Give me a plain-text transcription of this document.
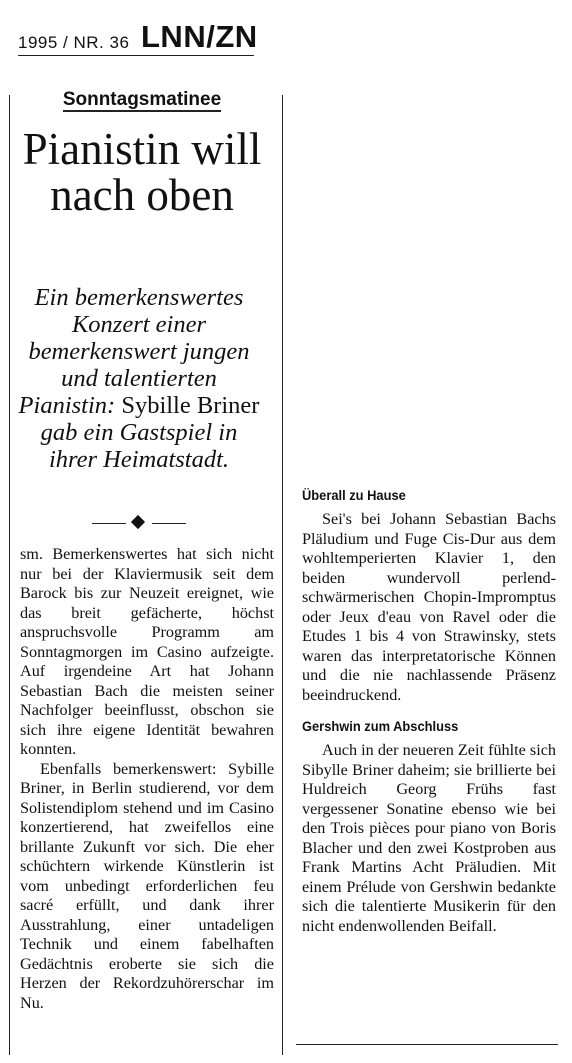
1995 / NR. 36 LNN/ZN
Sonntagsmatinee
Pianistin will nach oben
Ein bemerkenswertes Konzert einer bemerkenswert jungen und talentierten Pianistin: Sybille Briner gab ein Gastspiel in ihrer Heimatstadt.

sm. Bemerkenswertes hat sich nicht nur bei der Klaviermusik seit dem Barock bis zur Neuzeit ereignet, wie das breit gefächerte, höchst anspruchsvolle Programm am Sonntagmorgen im Casino aufzeigte. Auf irgendeine Art hat Johann Sebastian Bach die meisten seiner Nachfolger beeinflusst, obschon sie sich ihre eigene Identität bewahren konnten.

Ebenfalls bemerkenswert: Sybille Briner, in Berlin studierend, vor dem Solistendiplom stehend und im Casino konzertierend, hat zweifellos eine brillante Zukunft vor sich. Die eher schüchtern wirkende Künstlerin ist vom unbedingt erforderlichen feu sacré erfüllt, und dank ihrer Ausstrahlung, einer untadeligen Technik und einem fabelhaften Gedächtnis eroberte sie sich die Herzen der Rekordzuhörerschar im Nu.

Überall zu Hause

Sei's bei Johann Sebastian Bachs Pläludium und Fuge Cis-Dur aus dem wohltemperierten Klavier 1, den beiden wundervoll perlend-schwärmerischen Chopin-Impromptus oder Jeux d'eau von Ravel oder die Etudes 1 bis 4 von Strawinsky, stets waren das interpretatorische Können und die nie nachlassende Präsenz beeindruckend.

Gershwin zum Abschluss

Auch in der neueren Zeit fühlte sich Sibylle Briner daheim; sie brillierte bei Huldreich Georg Frühs fast vergessener Sonatine ebenso wie bei den Trois pièces pour piano von Boris Blacher und den zwei Kostproben aus Frank Martins Acht Präludien. Mit einem Prélude von Gershwin bedankte sich die talentierte Musikerin für den nicht endenwollenden Beifall.
